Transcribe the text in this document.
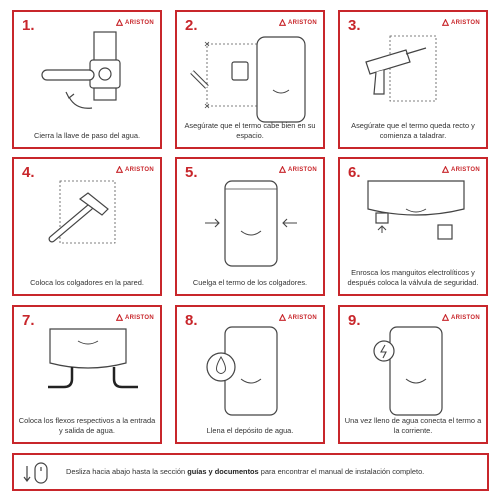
1.	ARISTON
Cierra la llave de paso del agua.
2.	ARISTON
Asegúrate que el termo cabe bien en su espacio.
3.	ARISTON
Asegúrate que el termo queda recto y comienza a taladrar.
4.	ARISTON
Coloca los colgadores en la pared.
5.	ARISTON
Cuelga el termo de los colgadores.
6.	ARISTON
Enrosca los manguitos electrolíticos y después coloca la válvula de seguridad.
7.	ARISTON
Coloca los flexos respectivos a la entrada y salida de agua.
8.	ARISTON
Llena el depósito de agua.
9.	ARISTON
Una vez lleno de agua conecta el termo a la corriente.
Desliza hacia abajo hasta la sección guías y documentos para encontrar el manual de instalación completo.
